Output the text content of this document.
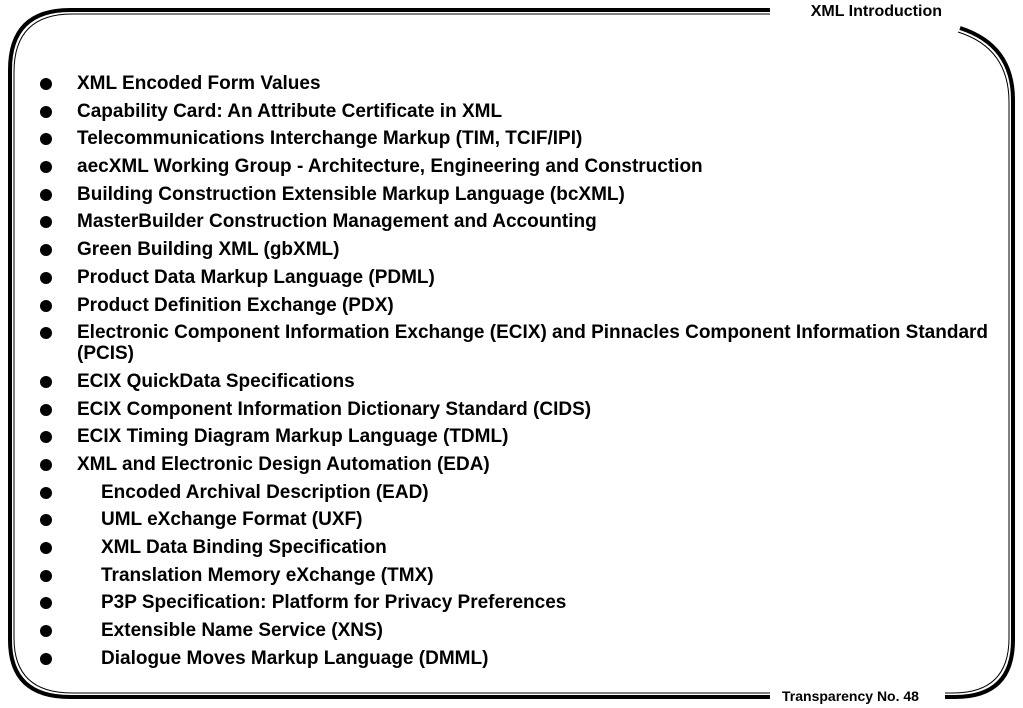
XML Introduction
XML Encoded Form Values
Capability Card: An Attribute Certificate in XML
Telecommunications Interchange Markup (TIM, TCIF/IPI)
aecXML Working Group - Architecture, Engineering and Construction
Building Construction Extensible Markup Language (bcXML)
MasterBuilder Construction Management and Accounting
Green Building XML (gbXML)
Product Data Markup Language (PDML)
Product Definition Exchange (PDX)
Electronic Component Information Exchange (ECIX) and Pinnacles Component Information Standard (PCIS)
ECIX QuickData Specifications
ECIX Component Information Dictionary Standard (CIDS)
ECIX Timing Diagram Markup Language (TDML)
XML and Electronic Design Automation (EDA)
Encoded Archival Description (EAD)
UML eXchange Format (UXF)
XML Data Binding Specification
Translation Memory eXchange (TMX)
P3P Specification: Platform for Privacy Preferences
Extensible Name Service (XNS)
Dialogue Moves Markup Language (DMML)
Transparency No. 48
